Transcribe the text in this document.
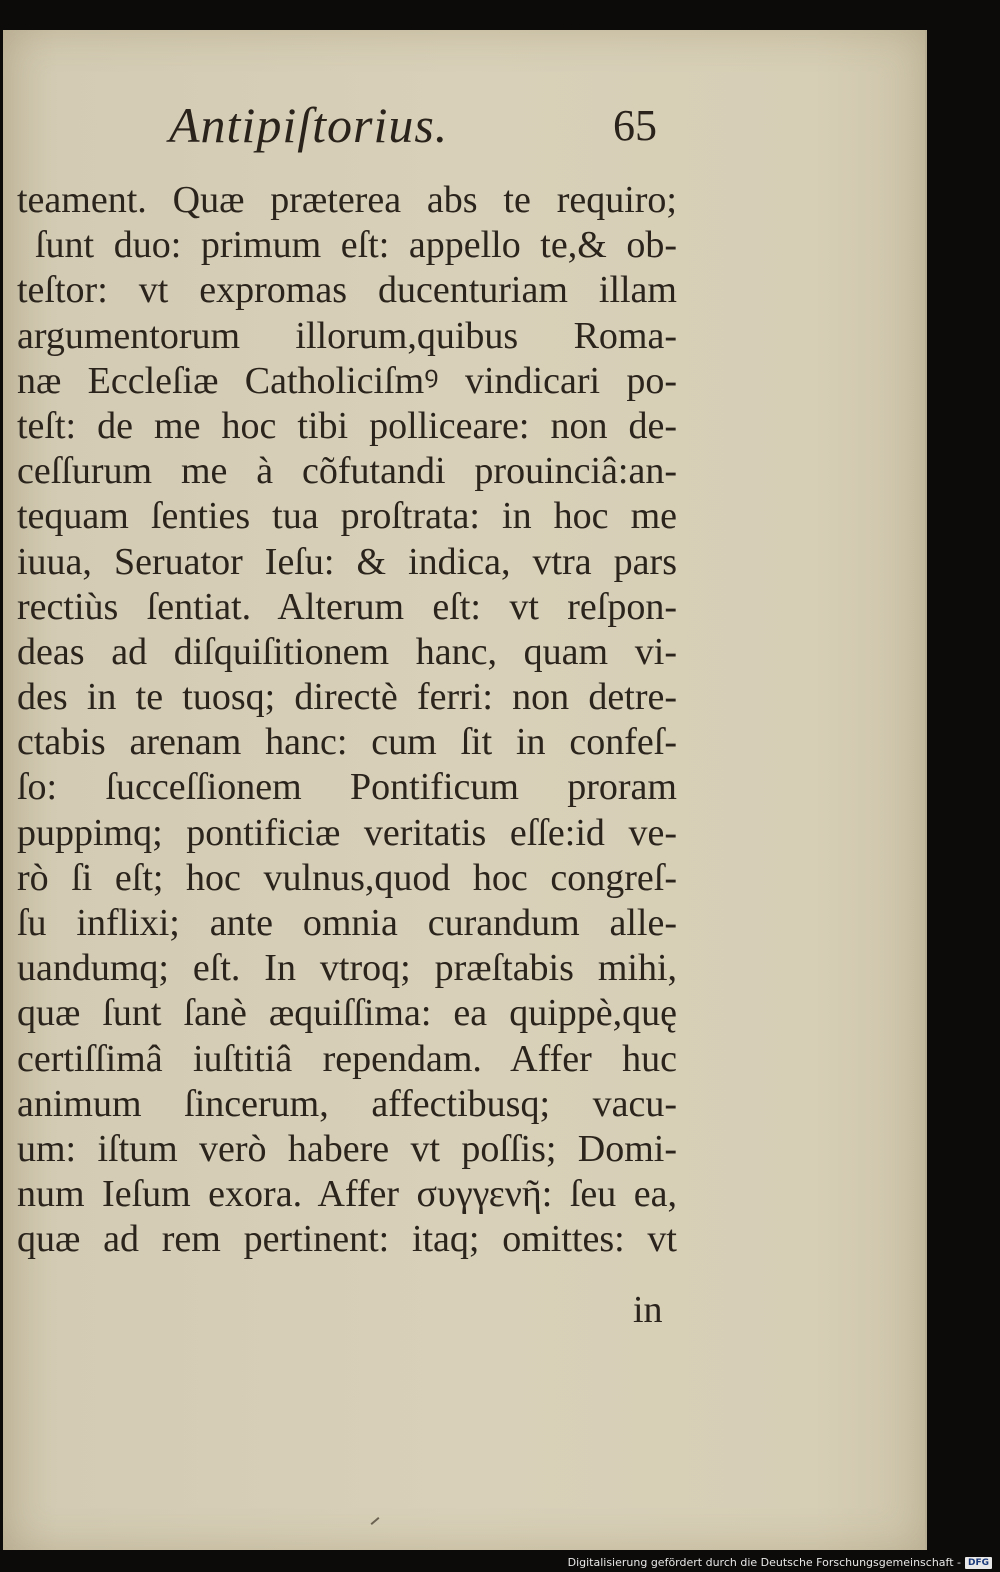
Antipiſtorius.	65
teament. Quæ præterea abs te requiro;
ſunt duo: primum eſt: appello te,& ob-
teſtor: vt expromas ducenturiam illam
argumentorum illorum,quibus Roma-
næ Eccleſiæ Catholiciſmꝰ vindicari po-
teſt: de me hoc tibi polliceare: non de-
ceſſurum me à cõfutandi prouinciâ:an-
tequam ſenties tua proſtrata: in hoc me
iuua, Seruator Ieſu: & indica, vtra pars
rectiùs ſentiat. Alterum eſt: vt reſpon-
deas ad diſquiſitionem hanc, quam vi-
des in te tuosq; directè ferri: non detre-
ctabis arenam hanc: cum ſit in confeſ-
ſo: ſucceſſionem Pontificum proram
puppimq; pontificiæ veritatis eſſe:id ve-
rò ſi eſt; hoc vulnus,quod hoc congreſ-
ſu inflixi; ante omnia curandum alle-
uandumq; eſt. In vtroq; præſtabis mihi,
quæ ſunt ſanè æquiſſima: ea quippè,quę
certiſſimâ iuſtitiâ rependam. Affer huc
animum ſincerum, affectibusq; vacu-
um: iſtum verò habere vt poſſis; Domi-
num Ieſum exora. Affer συγγενῆ: ſeu ea,
quæ ad rem pertinent: itaq; omittes: vt
in
Digitalisierung gefördert durch die Deutsche Forschungsgemeinschaft - DFG
